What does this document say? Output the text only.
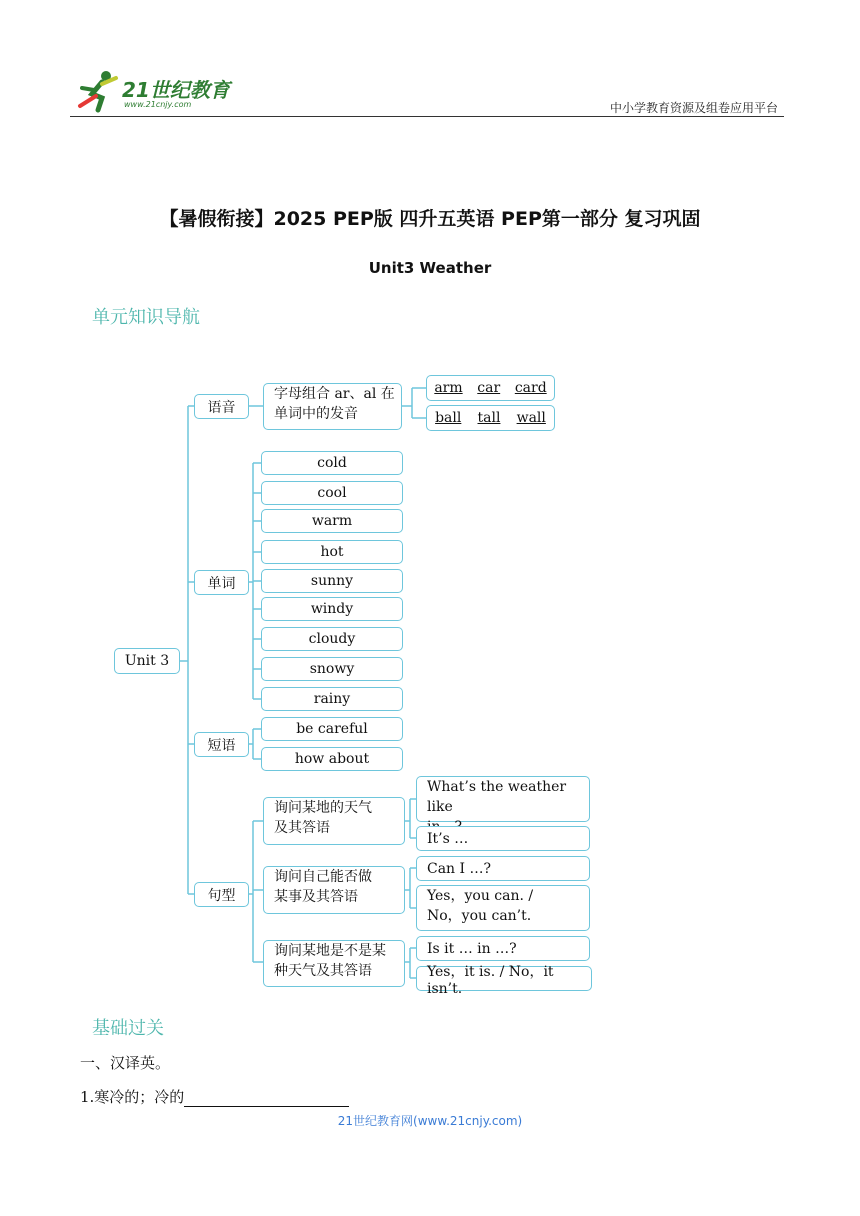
21世纪教育
www.21cnjy.com	中小学教育资源及组卷应用平台
【暑假衔接】2025 PEP版 四升五英语 PEP第一部分 复习巩固
Unit3 Weather
单元知识导航
Unit 3
语音
单词
短语
句型
字母组合 ar、al 在
单词中的发音
arm car card
ball tall wall
cold
cool
warm
hot
sunny
windy
cloudy
snowy
rainy
be careful
how about
询问某地的天气
及其答语
What’s the weather like
It’s …
询问自己能否做
某事及其答语
Can I …?
Yes，you can. /
No，you can’t.
询问某地是不是某
种天气及其答语
Is it … in …?
Yes，it is. / No，it isn’t.
基础过关
一、汉译英。
1.寒冷的；冷的
21世纪教育网(www.21cnjy.com)
